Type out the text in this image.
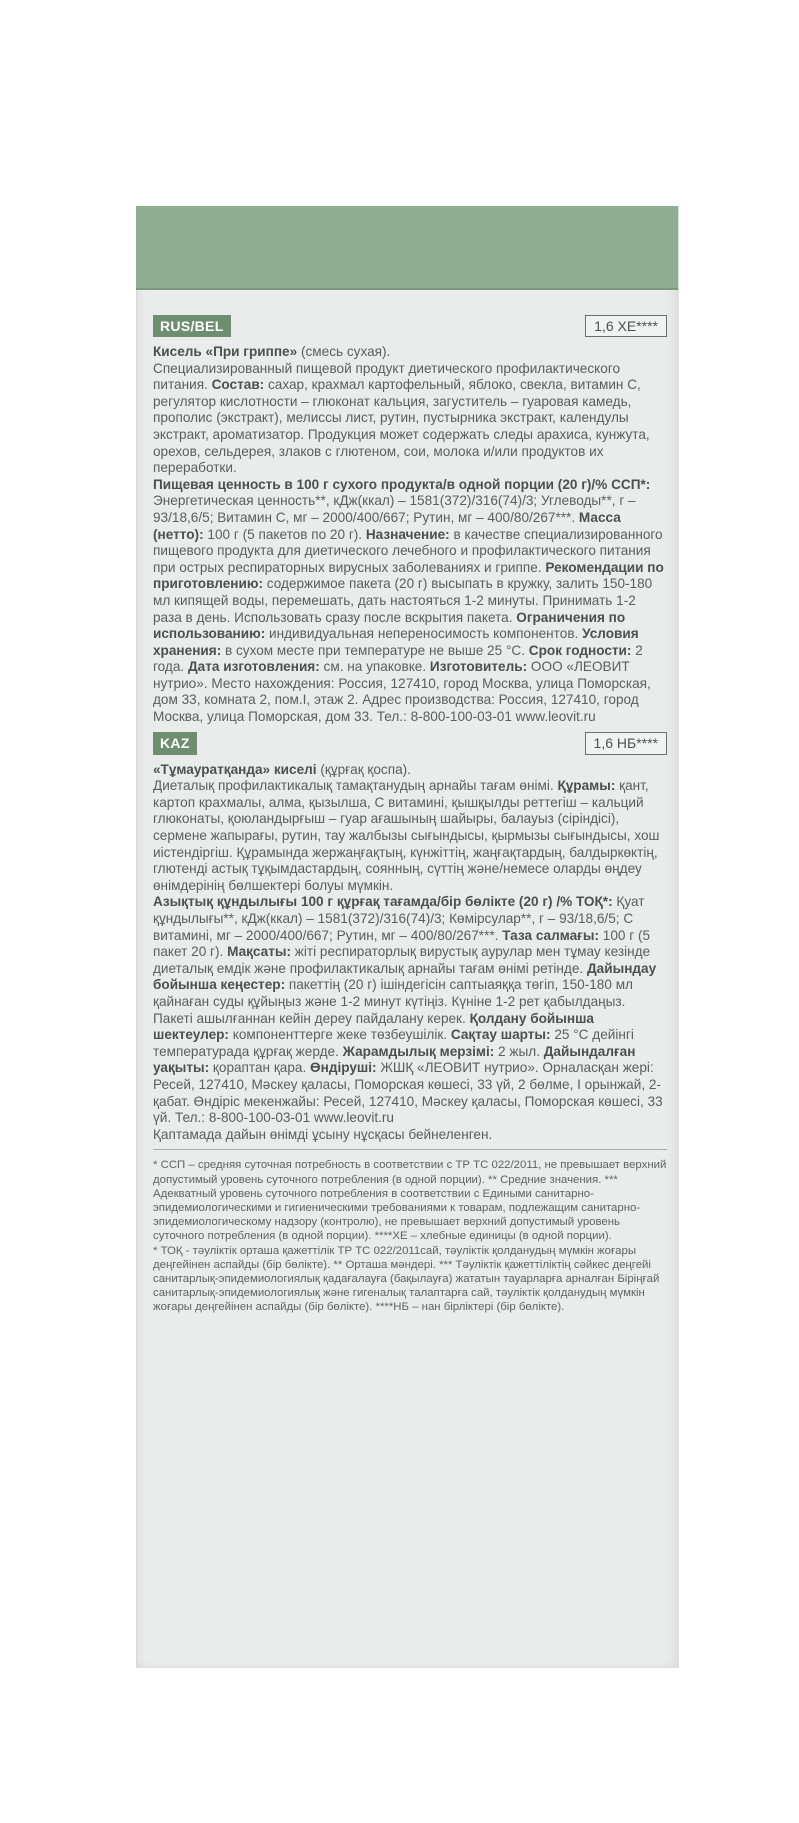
RUS/BEL	1,6 ХЕ****

Кисель «При гриппе» (смесь сухая).

Специализированный пищевой продукт диетического профилактического питания. Состав: сахар, крахмал картофельный, яблоко, свекла, витамин С, регулятор кислотности – глюконат кальция, загуститель – гуаровая камедь, прополис (экстракт), мелиссы лист, рутин, пустырника экстракт, календулы экстракт, ароматизатор. Продукция может содержать следы арахиса, кунжута, орехов, сельдерея, злаков с глютеном, сои, молока и/или продуктов их переработки.

Пищевая ценность в 100 г сухого продукта/в одной порции (20 г)/% ССП*: Энергетическая ценность**, кДж(ккал) – 1581(372)/316(74)/3; Углеводы**, г – 93/18,6/5; Витамин С, мг – 2000/400/667; Рутин, мг – 400/80/267***. Масса (нетто): 100 г (5 пакетов по 20 г). Назначение: в качестве специализированного пищевого продукта для диетического лечебного и профилактического питания при острых респираторных вирусных заболеваниях и гриппе. Рекомендации по приготовлению: содержимое пакета (20 г) высыпать в кружку, залить 150-180 мл кипящей воды, перемешать, дать настояться 1-2 минуты. Принимать 1-2 раза в день. Использовать сразу после вскрытия пакета. Ограничения по использованию: индивидуальная непереносимость компонентов. Условия хранения: в сухом месте при температуре не выше 25 °С. Срок годности: 2 года. Дата изготовления: см. на упаковке. Изготовитель: ООО «ЛЕОВИТ нутрио». Место нахождения: Россия, 127410, город Москва, улица Поморская, дом 33, комната 2, пом.I, этаж 2. Адрес производства: Россия, 127410, город Москва, улица Поморская, дом 33. Тел.: 8-800-100-03-01 www.leovit.ru

KAZ	1,6 НБ****

«Тұмауратқанда» киселі (құрғақ қоспа).

Диеталық профилактикалық тамақтанудың арнайы тағам өнімі. Құрамы: қант, картоп крахмалы, алма, қызылша, С витамині, қышқылды реттегіш – кальций глюконаты, қоюландырғыш – гуар ағашының шайыры, балауыз (сіріндісі), сермене жапырағы, рутин, тау жалбызы сығындысы, қырмызы сығындысы, хош иістендіргіш. Құрамында жержаңғақтың, күнжіттің, жаңғақтардың, балдыркөктің, глютенді астық тұқымдастардың, соянның, сүттің және/немесе оларды өңдеу өнімдерінің бөлшектері болуы мүмкін.

Азықтық құндылығы 100 г құрғақ тағамда/бір бөлікте (20 г) /% ТОҚ*: Қуат құндылығы**, кДж(ккал) – 1581(372)/316(74)/3; Көмірсулар**, г – 93/18,6/5; С витамині, мг – 2000/400/667; Рутин, мг – 400/80/267***. Таза салмағы: 100 г (5 пакет 20 г). Мақсаты: жіті респираторлық вирустық аурулар мен тұмау кезінде диеталық емдік және профилактикалық арнайы тағам өнімі ретінде. Дайындау бойынша кеңестер: пакеттің (20 г) ішіндегісін саптыаяққа төгіп, 150-180 мл қайнаған суды құйыңыз және 1-2 минут күтіңіз. Күніне 1-2 рет қабылдаңыз. Пакеті ашылғаннан кейін дереу пайдалану керек. Қолдану бойынша шектеулер: компоненттерге жеке төзбеушілік. Сақтау шарты: 25 °С дейінгі температурада құрғақ жерде. Жарамдылық мерзімі: 2 жыл. Дайындалған уақыты: қораптан қара. Өндіруші: ЖШҚ «ЛЕОВИТ нутрио». Орналасқан жері: Ресей, 127410, Мәскеу қаласы, Поморская көшесі, 33 үй, 2 бөлме, I орынжай, 2-қабат. Өндіріс мекенжайы: Ресей, 127410, Мәскеу қаласы, Поморская көшесі, 33 үй. Тел.: 8-800-100-03-01 www.leovit.ru

Қаптамада дайын өнімді ұсыну нұсқасы бейнеленген.

* ССП – средняя суточная потребность в соответствии с ТР ТС 022/2011, не превышает верхний допустимый уровень суточного потребления (в одной порции). ** Средние значения. *** Адекватный уровень суточного потребления в соответствии с Едиными санитарно-эпидемиологическими и гигиеническими требованиями к товарам, подлежащим санитарно-эпидемиологическому надзору (контролю), не превышает верхний допустимый уровень суточного потребления (в одной порции). ****ХЕ – хлебные единицы (в одной порции).

* ТОҚ - тәуліктік орташа қажеттілік ТР ТС 022/2011сай, тәуліктік қолданудың мүмкін жоғары деңгейінен аспайды (бір бөлікте). ** Орташа мәндері. *** Тәуліктік қажеттіліктің сәйкес деңгейі санитарлық-эпидемиологиялық қадағалауға (бақылауға) жататын тауарларға арналған Біріңғай санитарлық-эпидемиологиялық және гигеналық талаптарға сай, тәуліктік қолданудың мүмкін жоғары деңгейінен аспайды (бір бөлікте). ****НБ – нан бірліктері (бір бөлікте).
